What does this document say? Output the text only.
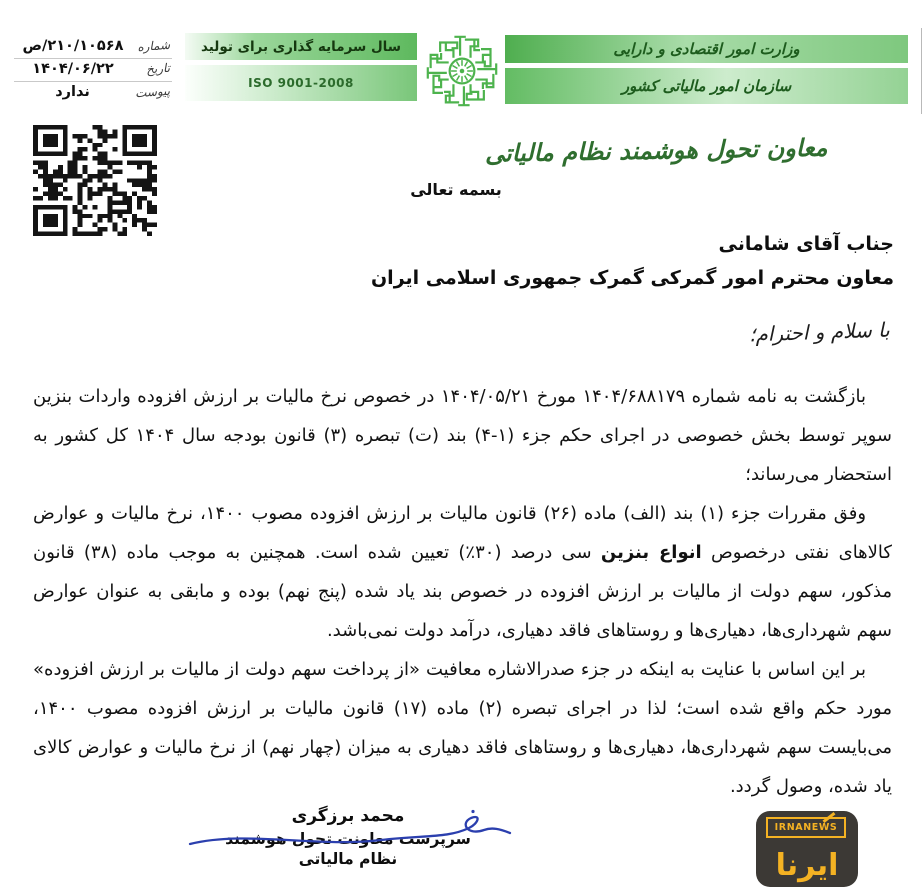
شماره
۲۱۰/۱۰۵۶۸/ص
تاریخ
۱۴۰۴/۰۶/۲۲
پیوست
ندارد
سال سرمایه گذاری برای تولید
ISO 9001-2008
وزارت امور اقتصادی و دارایی
سازمان امور مالیاتی کشور
معاون تحول هوشمند نظام مالیاتی
بسمه تعالی

جناب آقای شامانی

معاون محترم امور گمرکی گمرک جمهوری اسلامی ایران

با سلام و احترام؛

بازگشت به نامه شماره ۱۴۰۴/۶۸۸۱۷۹ مورخ ۱۴۰۴/۰۵/۲۱ در خصوص نرخ مالیات بر ارزش افزوده واردات بنزین سوپر توسط بخش خصوصی در اجرای حکم جزء (۱-۴) بند (ت) تبصره (۳) قانون بودجه سال ۱۴۰۴ کل کشور به استحضار می‌رساند؛

وفق مقررات جزء (۱) بند (الف) ماده (۲۶) قانون مالیات بر ارزش افزوده مصوب ۱۴۰۰، نرخ مالیات و عوارض کالاهای نفتی درخصوص انواع بنزین سی درصد (۳۰٪) تعیین شده است. همچنین به موجب ماده (۳۸) قانون مذکور، سهم دولت از مالیات بر ارزش افزوده در خصوص بند یاد شده (پنج نهم) بوده و مابقی به عنوان عوارض سهم شهرداری‌ها، دهیاری‌ها و روستاهای فاقد دهیاری، درآمد دولت نمی‌باشد.

بر این اساس با عنایت به اینکه در جزء صدرالاشاره معافیت «از پرداخت سهم دولت از مالیات بر ارزش افزوده» مورد حکم واقع شده است؛ لذا در اجرای تبصره (۲) ماده (۱۷) قانون مالیات بر ارزش افزوده مصوب ۱۴۰۰، می‌بایست سهم شهرداری‌ها، دهیاری‌ها و روستاهای فاقد دهیاری به میزان (چهار نهم) از نرخ مالیات و عوارض کالای یاد شده، وصول گردد.

محمد برزگری

سرپرست معاونت تحول هوشمند

نظام مالیاتی

IRNANEWS
ایرنا
